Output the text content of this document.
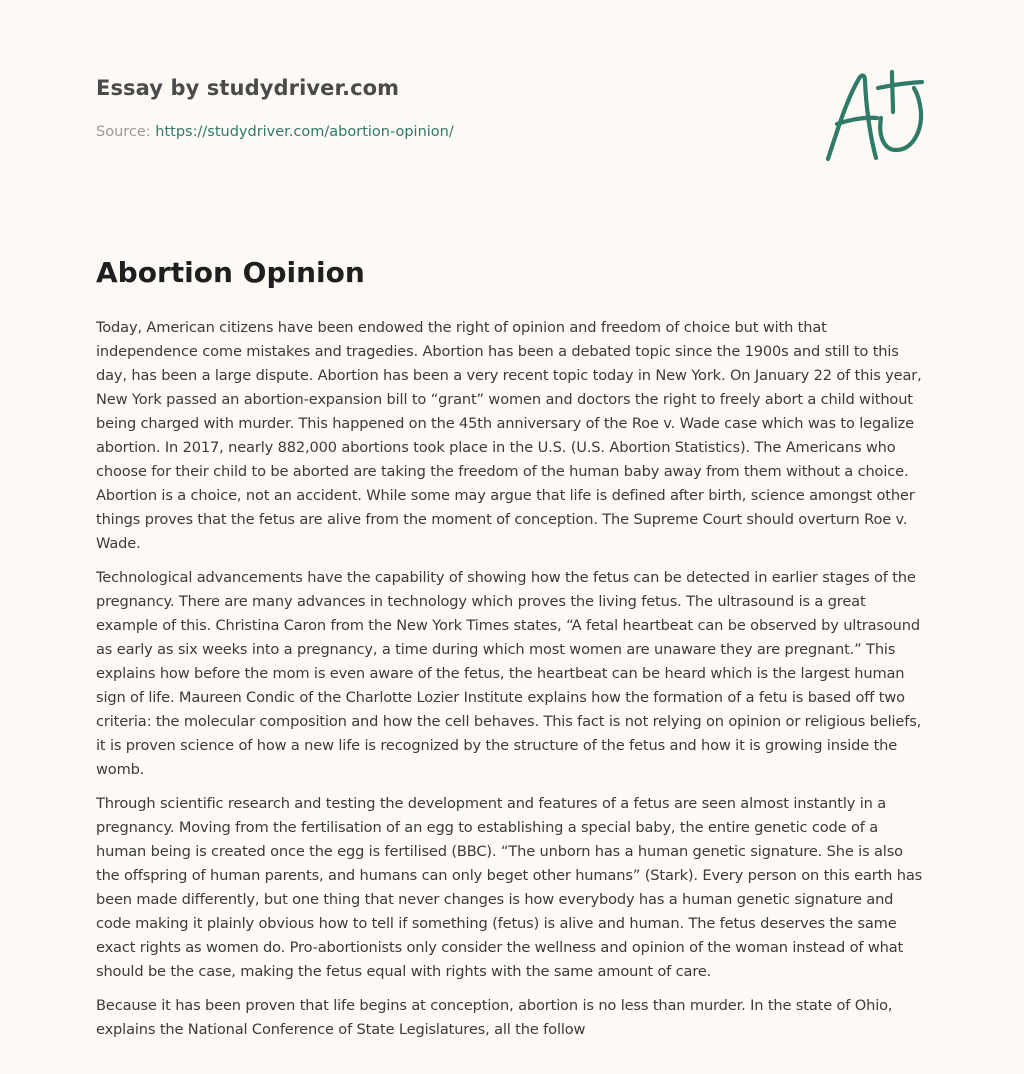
Essay by studydriver.com
Source: https://studydriver.com/abortion-opinion/
Abortion Opinion

Today, American citizens have been endowed the right of opinion and freedom of choice but with that independence come mistakes and tragedies. Abortion has been a debated topic since the 1900s and still to this day, has been a large dispute. Abortion has been a very recent topic today in New York. On January 22 of this year, New York passed an abortion-expansion bill to “grant” women and doctors the right to freely abort a child without being charged with murder. This happened on the 45th anniversary of the Roe v. Wade case which was to legalize abortion. In 2017, nearly 882,000 abortions took place in the U.S. (U.S. Abortion Statistics). The Americans who choose for their child to be aborted are taking the freedom of the human baby away from them without a choice. Abortion is a choice, not an accident. While some may argue that life is defined after birth, science amongst other things proves that the fetus are alive from the moment of conception. The Supreme Court should overturn Roe v. Wade.

Technological advancements have the capability of showing how the fetus can be detected in earlier stages of the pregnancy. There are many advances in technology which proves the living fetus. The ultrasound is a great example of this. Christina Caron from the New York Times states, “A fetal heartbeat can be observed by ultrasound as early as six weeks into a pregnancy, a time during which most women are unaware they are pregnant.” This explains how before the mom is even aware of the fetus, the heartbeat can be heard which is the largest human sign of life. Maureen Condic of the Charlotte Lozier Institute explains how the formation of a fetu is based off two criteria: the molecular composition and how the cell behaves. This fact is not relying on opinion or religious beliefs, it is proven science of how a new life is recognized by the structure of the fetus and how it is growing inside the womb.

Through scientific research and testing the development and features of a fetus are seen almost instantly in a pregnancy. Moving from the fertilisation of an egg to establishing a special baby, the entire genetic code of a human being is created once the egg is fertilised (BBC). “The unborn has a human genetic signature. She is also the offspring of human parents, and humans can only beget other humans” (Stark). Every person on this earth has been made differently, but one thing that never changes is how everybody has a human genetic signature and code making it plainly obvious how to tell if something (fetus) is alive and human. The fetus deserves the same exact rights as women do. Pro-abortionists only consider the wellness and opinion of the woman instead of what should be the case, making the fetus equal with rights with the same amount of care.

Because it has been proven that life begins at conception, abortion is no less than murder. In the state of Ohio, explains the National Conference of State Legislatures, all the follow
